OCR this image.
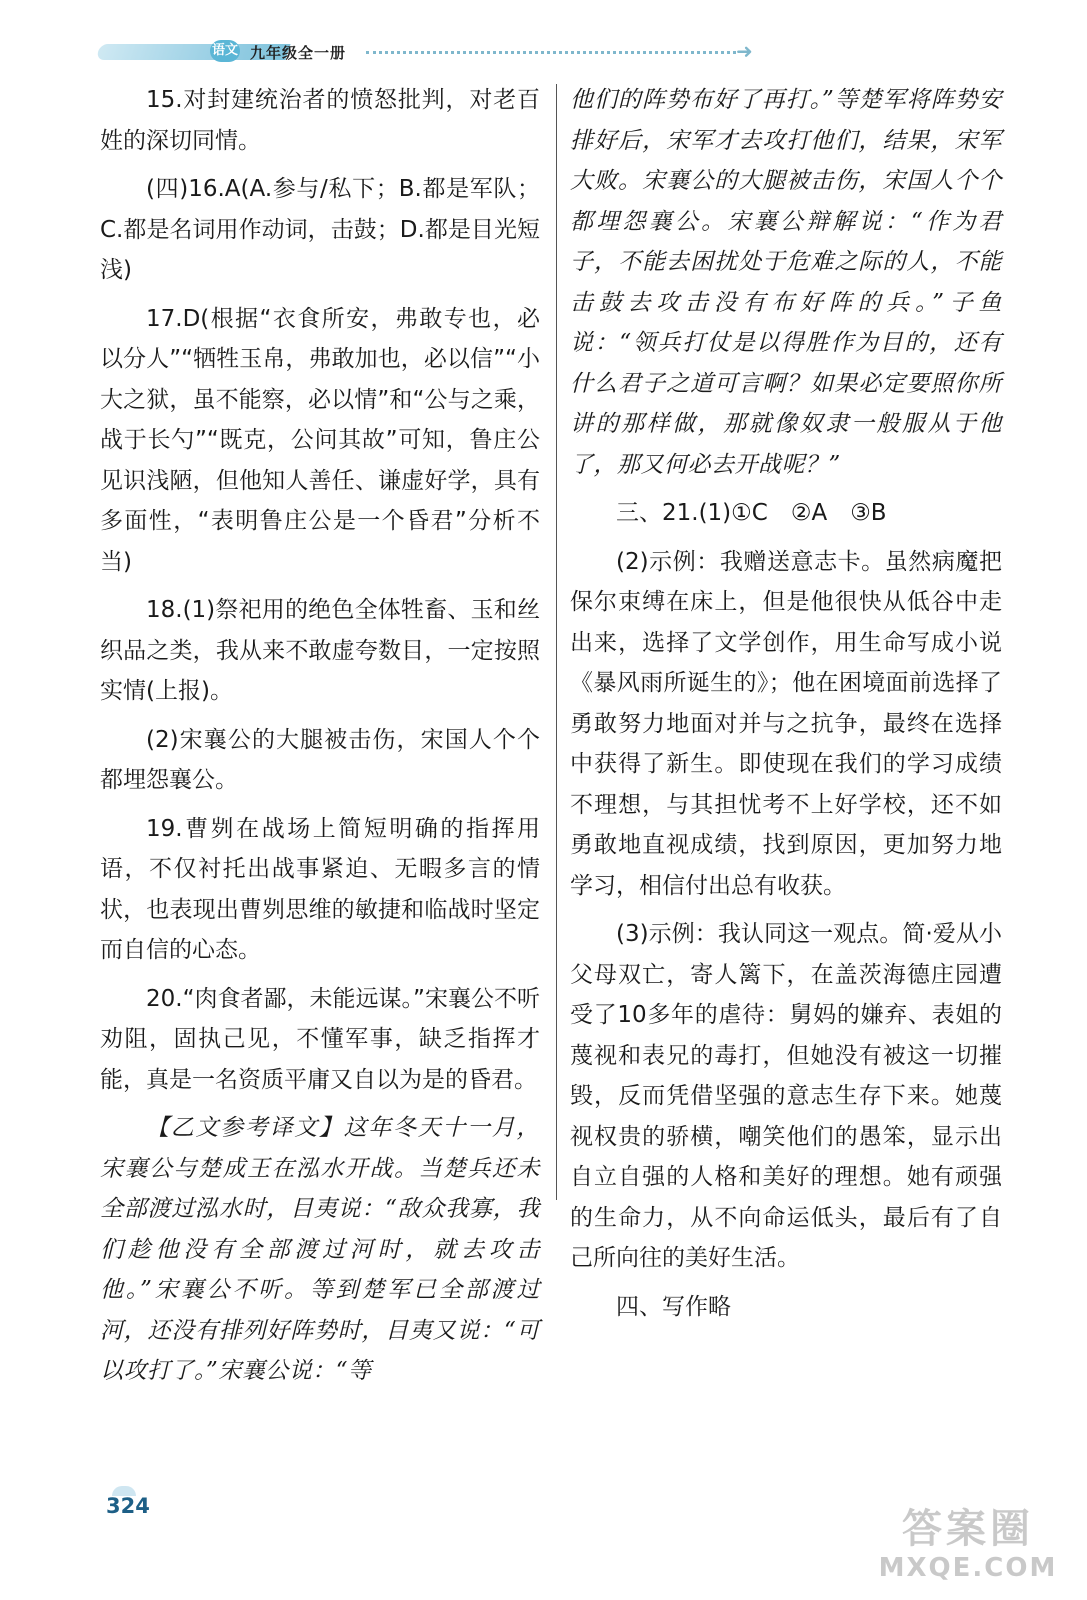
语文 九年级全一册	➜

15.对封建统治者的愤怒批判，对老百姓的深切同情。

(四)16.A(A.参与/私下；B.都是军队；C.都是名词用作动词，击鼓；D.都是目光短浅)

17.D(根据“衣食所安，弗敢专也，必以分人”“牺牲玉帛，弗敢加也，必以信”“小大之狱，虽不能察，必以情”和“公与之乘，战于长勺”“既克，公问其故”可知，鲁庄公见识浅陋，但他知人善任、谦虚好学，具有多面性，“表明鲁庄公是一个昏君”分析不当)

18.(1)祭祀用的绝色全体牲畜、玉和丝织品之类，我从来不敢虚夸数目，一定按照实情(上报)。

(2)宋襄公的大腿被击伤，宋国人个个都埋怨襄公。

19.曹刿在战场上简短明确的指挥用语，不仅衬托出战事紧迫、无暇多言的情状，也表现出曹刿思维的敏捷和临战时坚定而自信的心态。

20.“肉食者鄙，未能远谋。”宋襄公不听劝阻，固执己见，不懂军事，缺乏指挥才能，真是一名资质平庸又自以为是的昏君。

【乙文参考译文】这年冬天十一月，宋襄公与楚成王在泓水开战。当楚兵还未全部渡过泓水时，目夷说：“敌众我寡，我们趁他没有全部渡过河时，就去攻击他。”宋襄公不听。等到楚军已全部渡过河，还没有排列好阵势时，目夷又说：“可以攻打了。”宋襄公说：“等

他们的阵势布好了再打。”等楚军将阵势安排好后，宋军才去攻打他们，结果，宋军大败。宋襄公的大腿被击伤，宋国人个个都埋怨襄公。宋襄公辩解说：“作为君子，不能去困扰处于危难之际的人，不能击鼓去攻击没有布好阵的兵。”子鱼说：“领兵打仗是以得胜作为目的，还有什么君子之道可言啊？如果必定要照你所讲的那样做，那就像奴隶一般服从于他了，那又何必去开战呢？”

三、21.(1)①C　②A　③B

(2)示例：我赠送意志卡。虽然病魔把保尔束缚在床上，但是他很快从低谷中走出来，选择了文学创作，用生命写成小说《暴风雨所诞生的》；他在困境面前选择了勇敢努力地面对并与之抗争，最终在选择中获得了新生。即使现在我们的学习成绩不理想，与其担忧考不上好学校，还不如勇敢地直视成绩，找到原因，更加努力地学习，相信付出总有收获。

(3)示例：我认同这一观点。简·爱从小父母双亡，寄人篱下，在盖茨海德庄园遭受了10多年的虐待：舅妈的嫌弃、表姐的蔑视和表兄的毒打，但她没有被这一切摧毁，反而凭借坚强的意志生存下来。她蔑视权贵的骄横，嘲笑他们的愚笨，显示出自立自强的人格和美好的理想。她有顽强的生命力，从不向命运低头，最后有了自己所向往的美好生活。

四、写作略

324	答案圈
MXQE.COM
